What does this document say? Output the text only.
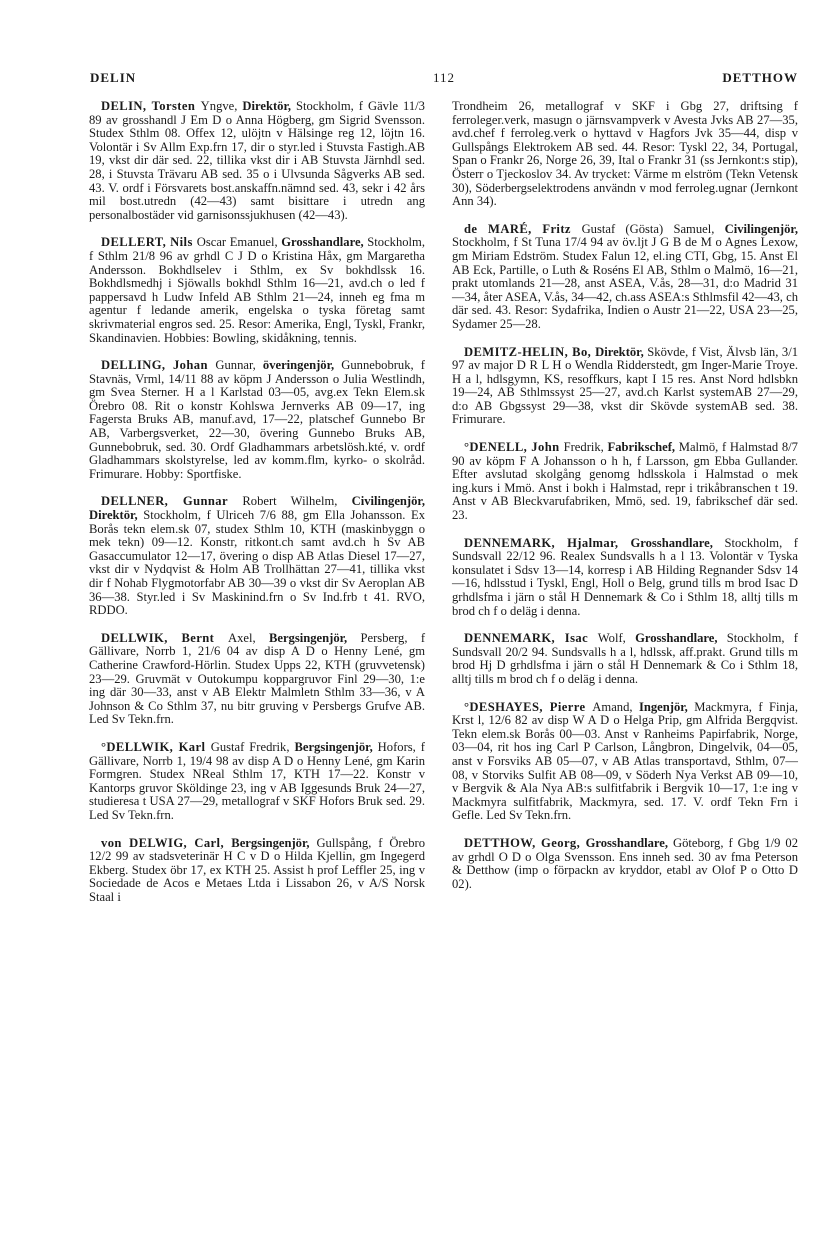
DELIN	112	DETTHOW

DELIN, Torsten Yngve, Direktör, Stockholm, f Gävle 11/3 89 av grosshandl J Em D o Anna Högberg, gm Sigrid Svensson. Studex Sthlm 08. Offex 12, ulöjtn v Hälsinge reg 12, löjtn 16. Volontär i Sv Allm Exp.frn 17, dir o styr.led i Stuvsta Fastigh.AB 19, vkst dir där sed. 22, tillika vkst dir i AB Stuvsta Järnhdl sed. 28, i Stuvsta Trävaru AB sed. 35 o i Ulvsunda Sågverks AB sed. 43. V. ordf i Försvarets bost.anskaffn.nämnd sed. 43, sekr i 42 års mil bost.utredn (42—43) samt bisittare i utredn ang personalbostäder vid garnisonssjukhusen (42—43).

DELLERT, Nils Oscar Emanuel, Grosshandlare, Stockholm, f Sthlm 21/8 96 av grhdl C J D o Kristina Håx, gm Margaretha Andersson. Bokhdlselev i Sthlm, ex Sv bokhdlssk 16. Bokhdlsmedhj i Sjöwalls bokhdl Sthlm 16—21, avd.ch o led f pappersavd h Ludw Infeld AB Sthlm 21—24, inneh eg fma m agentur f ledande amerik, engelska o tyska företag samt skrivmaterial engros sed. 25. Resor: Amerika, Engl, Tyskl, Frankr, Skandinavien. Hobbies: Bowling, skidåkning, tennis.

DELLING, Johan Gunnar, överingenjör, Gunnebobruk, f Stavnäs, Vrml, 14/11 88 av köpm J Andersson o Julia Westlindh, gm Svea Sterner. H a l Karlstad 03—05, avg.ex Tekn Elem.sk Örebro 08. Rit o konstr Kohlswa Jernverks AB 09—17, ing Fagersta Bruks AB, manuf.avd, 17—22, platschef Gunnebo Br AB, Varbergsverket, 22—30, övering Gunnebo Bruks AB, Gunnebobruk, sed. 30. Ordf Gladhammars arbetslösh.kté, v. ordf Gladhammars skolstyrelse, led av komm.flm, kyrko- o skolråd. Frimurare. Hobby: Sportfiske.

DELLNER, Gunnar Robert Wilhelm, Civilingenjör, Direktör, Stockholm, f Ulriceh 7/6 88, gm Ella Johansson. Ex Borås tekn elem.sk 07, studex Sthlm 10, KTH (maskinbyggn o mek tekn) 09—12. Konstr, ritkont.ch samt avd.ch h Sv AB Gasaccumulator 12—17, övering o disp AB Atlas Diesel 17—27, vkst dir v Nydqvist & Holm AB Trollhättan 27—41, tillika vkst dir f Nohab Flygmotorfabr AB 30—39 o vkst dir Sv Aeroplan AB 36—38. Styr.led i Sv Maskinind.frn o Sv Ind.frb t 41. RVO, RDDO.

DELLWIK, Bernt Axel, Bergsingenjör, Persberg, f Gällivare, Norrb 1, 21/6 04 av disp A D o Henny Lené, gm Catherine Crawford-Hörlin. Studex Upps 22, KTH (gruvvetensk) 23—29. Gruvmät v Outokumpu koppargruvor Finl 29—30, 1:e ing där 30—33, anst v AB Elektr Malmletn Sthlm 33—36, v A Johnson & Co Sthlm 37, nu bitr gruving v Persbergs Grufve AB. Led Sv Tekn.frn.

°DELLWIK, Karl Gustaf Fredrik, Bergsingenjör, Hofors, f Gällivare, Norrb 1, 19/4 98 av disp A D o Henny Lené, gm Karin Formgren. Studex NReal Sthlm 17, KTH 17—22. Konstr v Kantorps gruvor Sköldinge 23, ing v AB Iggesunds Bruk 24—27, studieresa t USA 27—29, metallograf v SKF Hofors Bruk sed. 29. Led Sv Tekn.frn.

von DELWIG, Carl, Bergsingenjör, Gullspång, f Örebro 12/2 99 av stadsveterinär H C v D o Hilda Kjellin, gm Ingegerd Ekberg. Studex öbr 17, ex KTH 25. Assist h prof Leffler 25, ing v Sociedade de Acos e Metaes Ltda i Lissabon 26, v A/S Norsk Staal i

Trondheim 26, metallograf v SKF i Gbg 27, driftsing f ferroleger.verk, masugn o järnsvampverk v Avesta Jvks AB 27—35, avd.chef f ferroleg.verk o hyttavd v Hagfors Jvk 35—44, disp v Gullspångs Elektrokem AB sed. 44. Resor: Tyskl 22, 34, Portugal, Span o Frankr 26, Norge 26, 39, Ital o Frankr 31 (ss Jernkont:s stip), Österr o Tjeckoslov 34. Av trycket: Värme m elström (Tekn Vetensk 30), Söderbergselektrodens användn v mod ferroleg.ugnar (Jernkont Ann 34).

de MARÉ, Fritz Gustaf (Gösta) Samuel, Civilingenjör, Stockholm, f St Tuna 17/4 94 av öv.ljt J G B de M o Agnes Lexow, gm Miriam Edström. Studex Falun 12, el.ing CTI, Gbg, 15. Anst El AB Eck, Partille, o Luth & Roséns El AB, Sthlm o Malmö, 16—21, prakt utomlands 21—28, anst ASEA, V.ås, 28—31, d:o Madrid 31—34, åter ASEA, V.ås, 34—42, ch.ass ASEA:s Sthlmsfil 42—43, ch där sed. 43. Resor: Sydafrika, Indien o Austr 21—22, USA 23—25, Sydamer 25—28.

DEMITZ-HELIN, Bo, Direktör, Skövde, f Vist, Älvsb län, 3/1 97 av major D R L H o Wendla Ridderstedt, gm Inger-Marie Troye. H a l, hdlsgymn, KS, resoffkurs, kapt I 15 res. Anst Nord hdlsbkn 19—24, AB Sthlmssyst 25—27, avd.ch Karlst systemAB 27—29, d:o AB Gbgssyst 29—38, vkst dir Skövde systemAB sed. 38. Frimurare.

°DENELL, John Fredrik, Fabrikschef, Malmö, f Halmstad 8/7 90 av köpm F A Johansson o h h, f Larsson, gm Ebba Gullander. Efter avslutad skolgång genomg hdlsskola i Halmstad o mek ing.kurs i Mmö. Anst i bokh i Halmstad, repr i trikåbranschen t 19. Anst v AB Bleckvarufabriken, Mmö, sed. 19, fabrikschef där sed. 23.

DENNEMARK, Hjalmar, Grosshandlare, Stockholm, f Sundsvall 22/12 96. Realex Sundsvalls h a l 13. Volontär v Tyska konsulatet i Sdsv 13—14, korresp i AB Hilding Regnander Sdsv 14—16, hdlsstud i Tyskl, Engl, Holl o Belg, grund tills m brod Isac D grhdlsfma i järn o stål H Dennemark & Co i Sthlm 18, alltj tills m brod ch f o deläg i denna.

DENNEMARK, Isac Wolf, Grosshandlare, Stockholm, f Sundsvall 20/2 94. Sundsvalls h a l, hdlssk, aff.prakt. Grund tills m brod Hj D grhdlsfma i järn o stål H Dennemark & Co i Sthlm 18, alltj tills m brod ch f o deläg i denna.

°DESHAYES, Pierre Amand, Ingenjör, Mackmyra, f Finja, Krst l, 12/6 82 av disp W A D o Helga Prip, gm Alfrida Bergqvist. Tekn elem.sk Borås 00—03. Anst v Ranheims Papirfabrik, Norge, 03—04, rit hos ing Carl P Carlson, Långbron, Dingelvik, 04—05, anst v Forsviks AB 05—07, v AB Atlas transportavd, Sthlm, 07—08, v Storviks Sulfit AB 08—09, v Söderh Nya Verkst AB 09—10, v Bergvik & Ala Nya AB:s sulfitfabrik i Bergvik 10—17, 1:e ing v Mackmyra sulfitfabrik, Mackmyra, sed. 17. V. ordf Tekn Frn i Gefle. Led Sv Tekn.frn.

DETTHOW, Georg, Grosshandlare, Göteborg, f Gbg 1/9 02 av grhdl O D o Olga Svensson. Ens inneh sed. 30 av fma Peterson & Detthow (imp o förpackn av kryddor, etabl av Olof P o Otto D 02).
